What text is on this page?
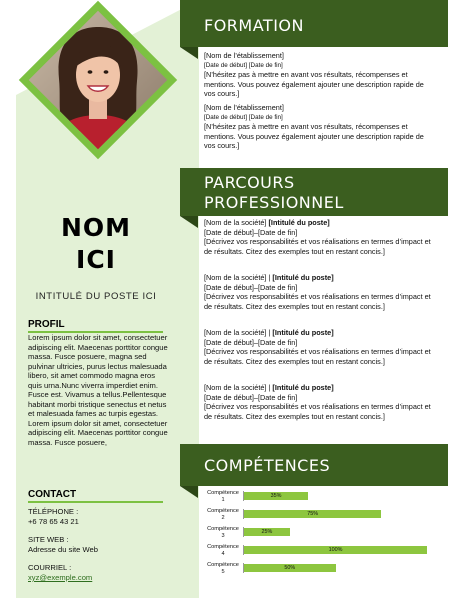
NOM
ICI
INTITULÉ DU POSTE ICI
PROFIL
Lorem ipsum dolor sit amet, consectetuer adipiscing elit. Maecenas porttitor congue massa. Fusce posuere, magna sed pulvinar ultricies, purus lectus malesuada libero, sit amet commodo magna eros quis urna.Nunc viverra imperdiet enim. Fusce est. Vivamus a tellus.Pellentesque habitant morbi tristique senectus et netus et malesuada fames ac turpis egestas. Lorem ipsum dolor sit amet, consectetuer adipiscing elit. Maecenas porttitor congue massa. Fusce posuere,
CONTACT
TÉLÉPHONE :
+6 78 65 43 21
SITE WEB :
Adresse du site Web
COURRIEL :
xyz@exemple.com
FORMATION
[Nom de l’établissement]
[Date de début] [Date de fin]
[N’hésitez pas à mettre en avant vos résultats, récompenses et mentions. Vous pouvez également ajouter une description rapide de vos cours.]
[Nom de l’établissement]
[Date de début] [Date de fin]
[N’hésitez pas à mettre en avant vos résultats, récompenses et mentions. Vous pouvez également ajouter une description rapide de vos cours.]
PARCOURS
PROFESSIONNEL
[Nom de la société] [Intitulé du poste]
[Date de début]–[Date de fin]
[Décrivez vos responsabilités et vos réalisations en termes d’impact et de résultats. Citez des exemples tout en restant concis.]
[Nom de la société] | [Intitulé du poste]
[Date de début]–[Date de fin]
[Décrivez vos responsabilités et vos réalisations en termes d’impact et de résultats. Citez des exemples tout en restant concis.]
[Nom de la société] | [Intitulé du poste]
[Date de début]–[Date de fin]
[Décrivez vos responsabilités et vos réalisations en termes d’impact et de résultats. Citez des exemples tout en restant concis.]
[Nom de la société] | [Intitulé du poste]
[Date de début]–[Date de fin]
[Décrivez vos responsabilités et vos réalisations en termes d’impact et de résultats. Citez des exemples tout en restant concis.]
COMPÉTENCES
Compétence
1
35%
Compétence
2
75%
Compétence
3
25%
Compétence
4
100%
Compétence
5
50%
